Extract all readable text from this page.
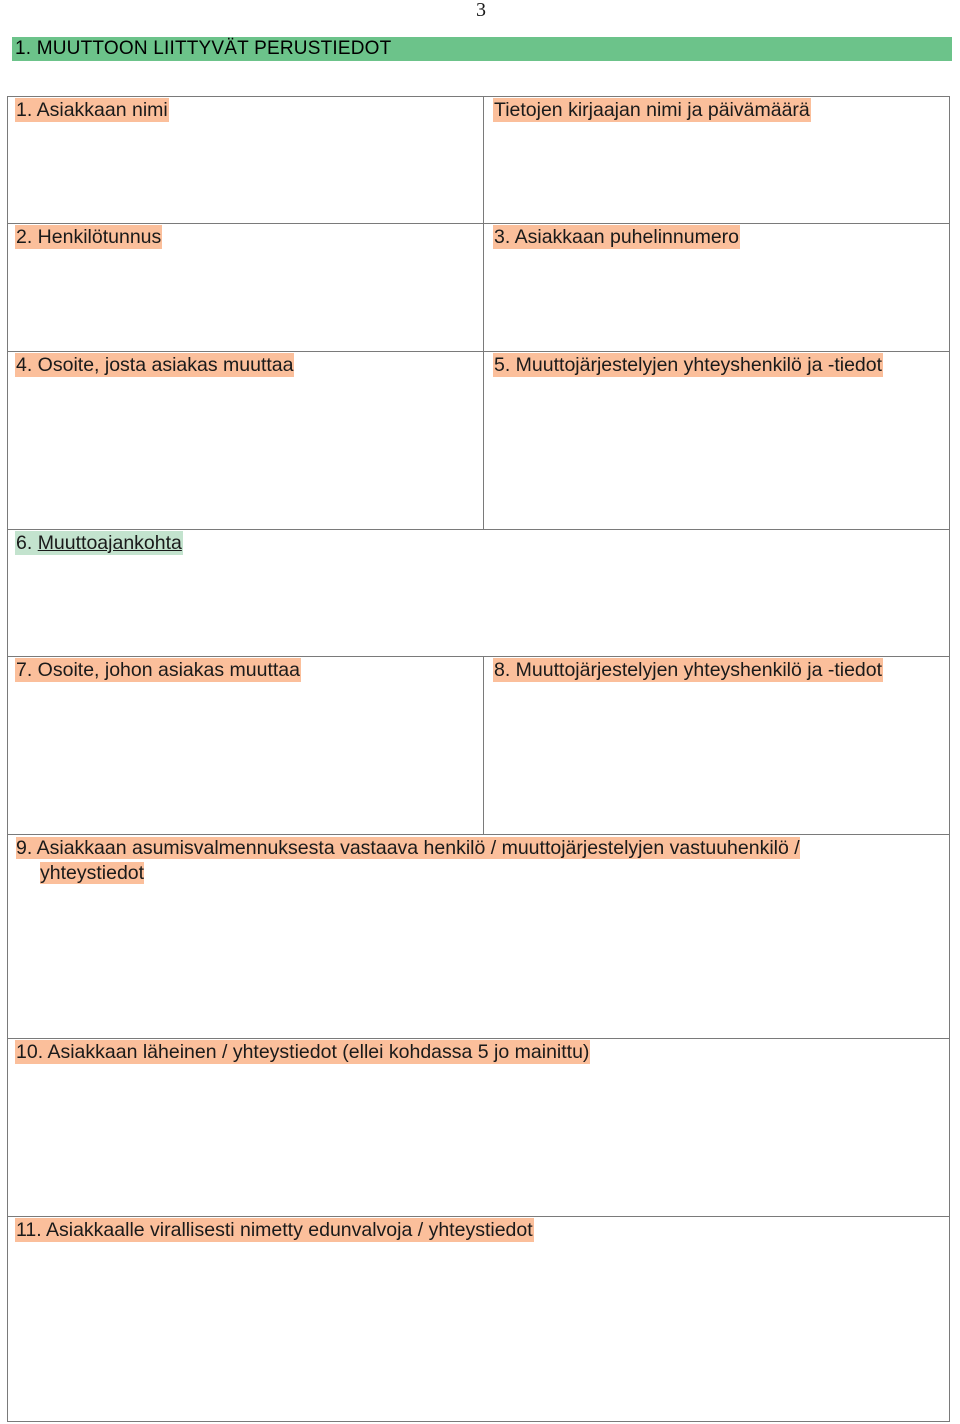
3
1. MUUTTOON LIITTYVÄT PERUSTIEDOT
1. Asiakkaan nimi	Tietojen kirjaajan nimi ja päivämäärä
2. Henkilötunnus	3. Asiakkaan puhelinnumero
4. Osoite, josta asiakas muuttaa	5. Muuttojärjestelyjen yhteyshenkilö ja -tiedot
6. Muuttoajankohta
7. Osoite, johon asiakas muuttaa	8. Muuttojärjestelyjen yhteyshenkilö ja -tiedot
9. Asiakkaan asumisvalmennuksesta vastaava henkilö / muuttojärjestelyjen vastuuhenkilö /
yhteystiedot
10. Asiakkaan läheinen / yhteystiedot (ellei kohdassa 5 jo mainittu)
11. Asiakkaalle virallisesti nimetty edunvalvoja / yhteystiedot
